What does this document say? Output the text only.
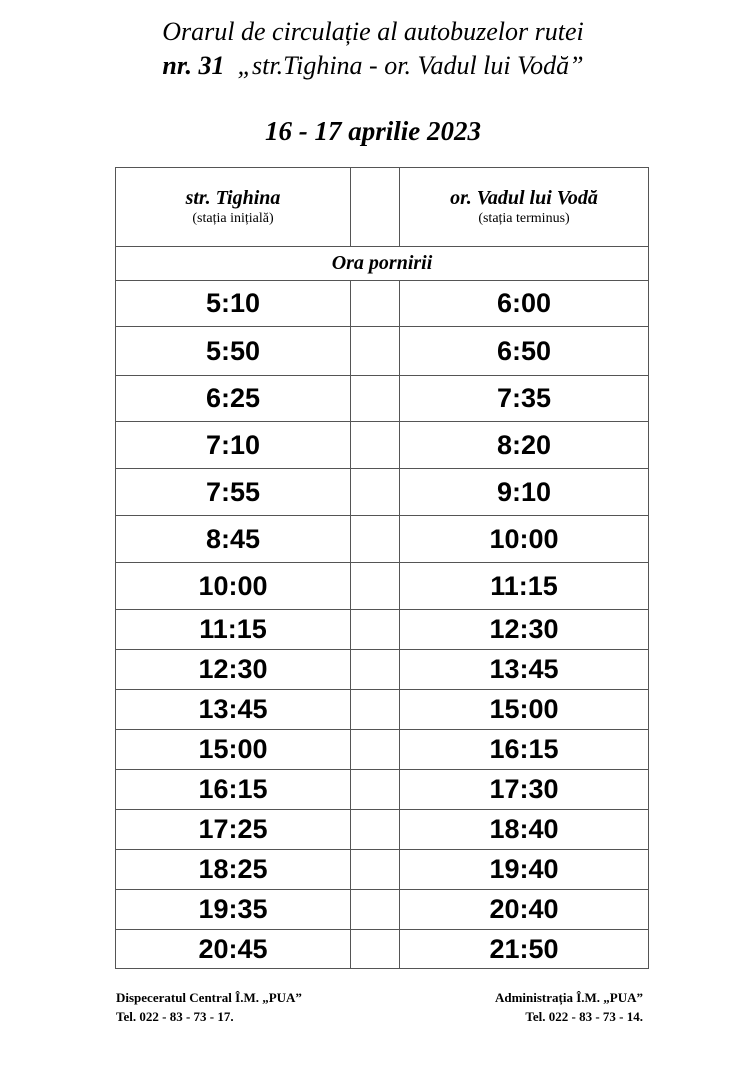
Orarul de circulație al autobuzelor rutei
nr. 31 „str.Tighina - or. Vadul lui Vodă”
16 - 17 aprilie 2023
str. Tighina
(stația inițială)		or. Vadul lui Vodă
(stația terminus)

Ora pornirii		
5:10		6:00
5:50		6:50
6:25		7:35
7:10		8:20
7:55		9:10
8:45		10:00
10:00		11:15
11:15		12:30
12:30		13:45
13:45		15:00
15:00		16:15
16:15		17:30
17:25		18:40
18:25		19:40
19:35		20:40
20:45		21:50
Dispeceratul Central Î.M. „PUA”
Tel. 022 - 83 - 73 - 17.
Administrația Î.M. „PUA”
Tel. 022 - 83 - 73 - 14.
